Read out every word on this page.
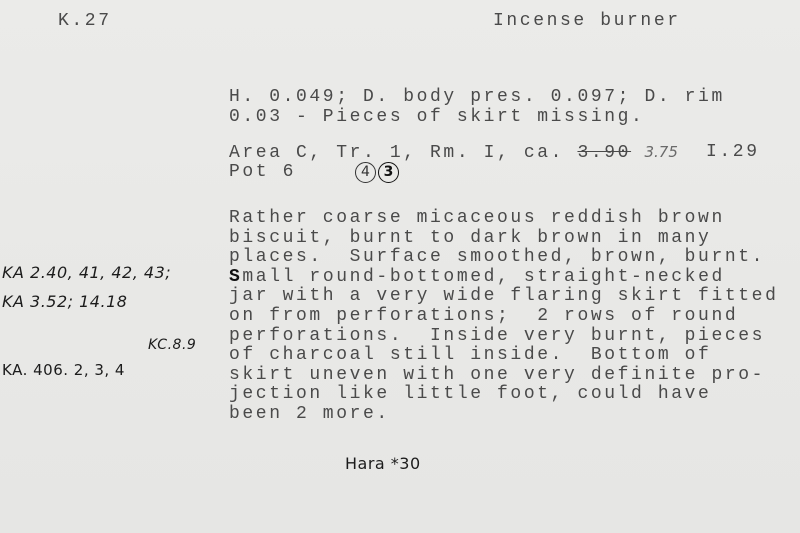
K.27	Incense burner
H. 0.049; D. body pres. 0.097; D. rim
0.03 - Pieces of skirt missing.
Area C, Tr. 1, Rm. I, ca. 3.90 3.75 I.29
Pot 6	4 3
Rather coarse micaceous reddish brown
biscuit, burnt to dark brown in many
places.  Surface smoothed, brown, burnt.
Small round-bottomed, straight-necked
jar with a very wide flaring skirt fitted
on from perforations;  2 rows of round
perforations.  Inside very burnt, pieces
of charcoal still inside.  Bottom of
skirt uneven with one very definite pro-
jection like little foot, could have
been 2 more.
KA 2.40, 41, 42, 43;
KA 3.52; 14.18
KC.8.9
KA. 406. 2, 3, 4
Hara *30
